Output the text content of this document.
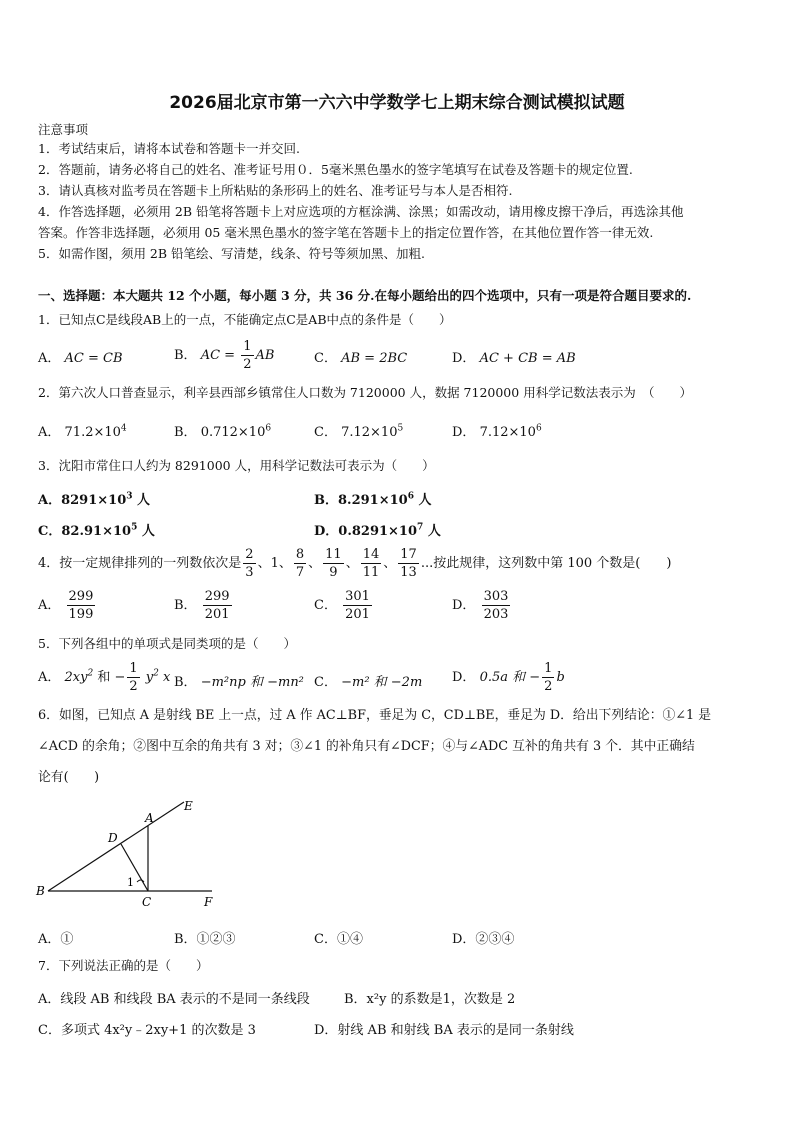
2026届北京市第一六六中学数学七上期末综合测试模拟试题
注意事项
1．考试结束后，请将本试卷和答题卡一并交回.
2．答题前，请务必将自己的姓名、准考证号用０．5毫米黑色墨水的签字笔填写在试卷及答题卡的规定位置.
3．请认真核对监考员在答题卡上所粘贴的条形码上的姓名、准考证号与本人是否相符.
4．作答选择题，必须用 2B 铅笔将答题卡上对应选项的方框涂满、涂黑；如需改动，请用橡皮擦干净后，再选涂其他
答案。作答非选择题，必须用 05 毫米黑色墨水的签字笔在答题卡上的指定位置作答，在其他位置作答一律无效.
5．如需作图，须用 2B 铅笔绘、写清楚，线条、符号等须加黑、加粗.
一、选择题：本大题共 12 个小题，每小题 3 分，共 36 分.在每小题给出的四个选项中，只有一项是符合题目要求的.
1．已知点C是线段AB上的一点，不能确定点C是AB中点的条件是（　　）
A． AC = CB	B． AC = $\frac{1}{2}$ AB	C． AB = 2BC	D． AC + CB = AB
2．第六次人口普查显示，利辛县西部乡镇常住人口数为 7120000 人，数据 7120000 用科学记数法表示为　（　　）
A． $71.2\times 10^4$	B． $0.712\times 10^6$	C． $7.12\times 10^5$	D． $7.12\times 10^6$
3．沈阳市常住口人约为 8291000 人，用科学记数法可表示为（　　）
A．$8291\times 10^3$ 人	B．$8.291\times 10^6$ 人
C．$82.91\times 10^5$ 人	D．$0.8291\times 10^7$ 人
4．按一定规律排列的一列数依次是 $\frac{2}{3}$ 、1、 $\frac{8}{7}$ 、 $\frac{11}{9}$ 、 $\frac{14}{11}$ 、 $\frac{17}{13}$ ...按此规律，这列数中第 100 个数是(　　)
A． $\frac{299}{199}$	B． $\frac{299}{201}$	C． $\frac{301}{201}$	D． $\frac{303}{203}$
5．下列各组中的单项式是同类项的是（　　）
A． $2xy^2$ 和 − $\frac{1}{2} y^2$ x B． −m²np 和 −mn² C． −m² 和 −2m D． 0.5a 和 − $\frac{1}{2}$ b
6．如图，已知点 A 是射线 BE 上一点，过 A 作 AC⊥BF，垂足为 C，CD⊥BE，垂足为 D．给出下列结论：①∠1 是
∠ACD 的余角；②图中互余的角共有 3 对；③∠1 的补角只有∠DCF；④与∠ADC 互补的角共有 3 个．其中正确结
论有(　　)
A
B
C
D
E
F
1
A．①	B．①②③	C．①④	D．②③④
7．下列说法正确的是（　　）
A．线段 AB 和线段 BA 表示的不是同一条线段	B．x²y 的系数是1，次数是 2
C．多项式 4x²y﹣2xy+1 的次数是 3	D．射线 AB 和射线 BA 表示的是同一条射线
